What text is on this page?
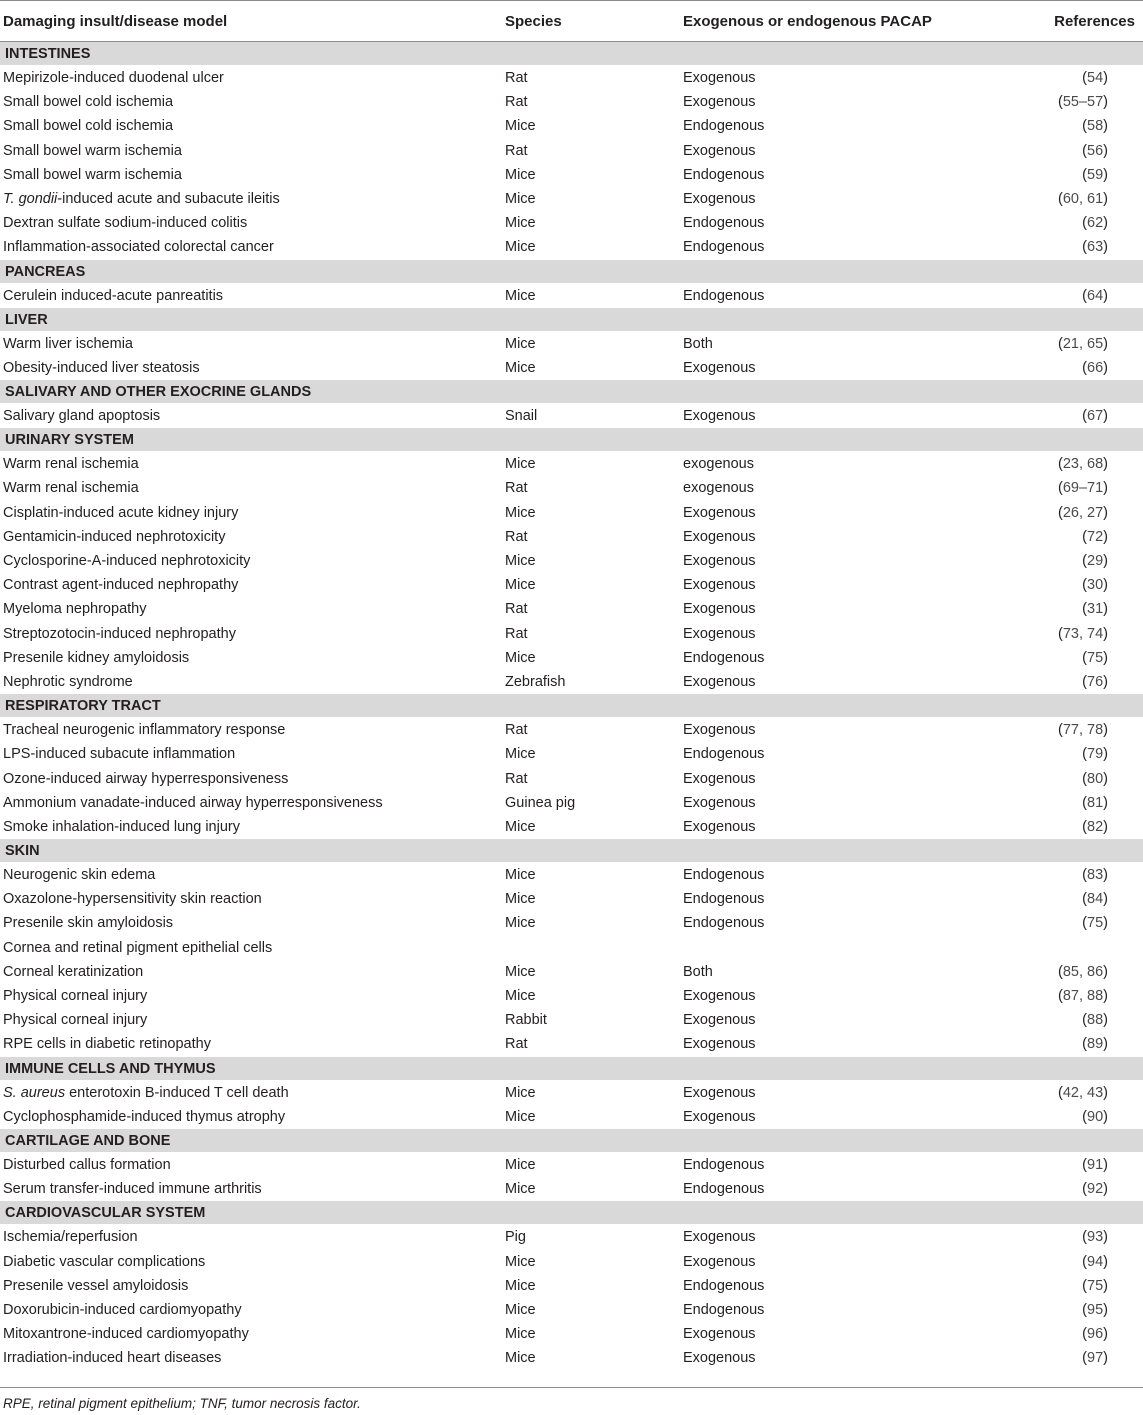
Damaging insult/disease model	Species	Exogenous or endogenous PACAP	References
INTESTINES
Mepirizole-induced duodenal ulcer	Rat	Exogenous	(54)
Small bowel cold ischemia	Rat	Exogenous	(55–57)
Small bowel cold ischemia	Mice	Endogenous	(58)
Small bowel warm ischemia	Rat	Exogenous	(56)
Small bowel warm ischemia	Mice	Endogenous	(59)
T. gondii-induced acute and subacute ileitis	Mice	Exogenous	(60, 61)
Dextran sulfate sodium-induced colitis	Mice	Endogenous	(62)
Inflammation-associated colorectal cancer	Mice	Endogenous	(63)
PANCREAS
Cerulein induced-acute panreatitis	Mice	Endogenous	(64)
LIVER
Warm liver ischemia	Mice	Both	(21, 65)
Obesity-induced liver steatosis	Mice	Exogenous	(66)
SALIVARY AND OTHER EXOCRINE GLANDS
Salivary gland apoptosis	Snail	Exogenous	(67)
URINARY SYSTEM
Warm renal ischemia	Mice	exogenous	(23, 68)
Warm renal ischemia	Rat	exogenous	(69–71)
Cisplatin-induced acute kidney injury	Mice	Exogenous	(26, 27)
Gentamicin-induced nephrotoxicity	Rat	Exogenous	(72)
Cyclosporine-A-induced nephrotoxicity	Mice	Exogenous	(29)
Contrast agent-induced nephropathy	Mice	Exogenous	(30)
Myeloma nephropathy	Rat	Exogenous	(31)
Streptozotocin-induced nephropathy	Rat	Exogenous	(73, 74)
Presenile kidney amyloidosis	Mice	Endogenous	(75)
Nephrotic syndrome	Zebrafish	Exogenous	(76)
RESPIRATORY TRACT
Tracheal neurogenic inflammatory response	Rat	Exogenous	(77, 78)
LPS-induced subacute inflammation	Mice	Endogenous	(79)
Ozone-induced airway hyperresponsiveness	Rat	Exogenous	(80)
Ammonium vanadate-induced airway hyperresponsiveness	Guinea pig	Exogenous	(81)
Smoke inhalation-induced lung injury	Mice	Exogenous	(82)
SKIN
Neurogenic skin edema	Mice	Endogenous	(83)
Oxazolone-hypersensitivity skin reaction	Mice	Endogenous	(84)
Presenile skin amyloidosis	Mice	Endogenous	(75)
Cornea and retinal pigment epithelial cells
Corneal keratinization	Mice	Both	(85, 86)
Physical corneal injury	Mice	Exogenous	(87, 88)
Physical corneal injury	Rabbit	Exogenous	(88)
RPE cells in diabetic retinopathy	Rat	Exogenous	(89)
IMMUNE CELLS AND THYMUS
S. aureus enterotoxin B-induced T cell death	Mice	Exogenous	(42, 43)
Cyclophosphamide-induced thymus atrophy	Mice	Exogenous	(90)
CARTILAGE AND BONE
Disturbed callus formation	Mice	Endogenous	(91)
Serum transfer-induced immune arthritis	Mice	Endogenous	(92)
CARDIOVASCULAR SYSTEM
Ischemia/reperfusion	Pig	Exogenous	(93)
Diabetic vascular complications	Mice	Exogenous	(94)
Presenile vessel amyloidosis	Mice	Endogenous	(75)
Doxorubicin-induced cardiomyopathy	Mice	Endogenous	(95)
Mitoxantrone-induced cardiomyopathy	Mice	Exogenous	(96)
Irradiation-induced heart diseases	Mice	Exogenous	(97)
RPE, retinal pigment epithelium; TNF, tumor necrosis factor.
